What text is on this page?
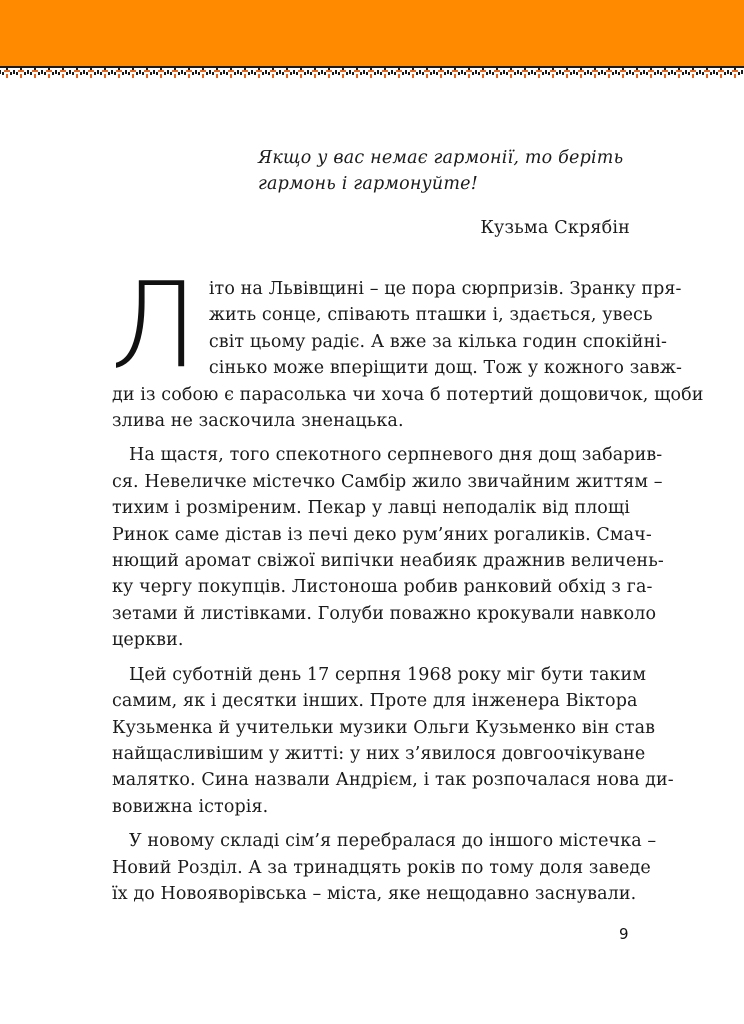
Якщо у вас немає гармонії, то беріть

гармонь і гармонуйте!

Кузьма Скрябін

Л іто на Львівщині – це пора сюрпризів. Зранку пря-
жить сонце, співають пташки і, здається, увесь
світ цьому радіє. А вже за кілька годин спокійні-
сінько може вперіщити дощ. Тож у кожного завж-
ди із собою є парасолька чи хоча б потертий дощовичок, щоби
злива не заскочила зненацька.

На щастя, того спекотного серпневого дня дощ забарив-
ся. Невеличке містечко Самбір жило звичайним життям –
тихим і розміреним. Пекар у лавці неподалік від площі
Ринок саме дістав із печі деко рум’яних рогаликів. Смач-
нющий аромат свіжої випічки неабияк дражнив величень-
ку чергу покупців. Листоноша робив ранковий обхід з га-
зетами й листівками. Голуби поважно крокували навколо
церкви.

Цей суботній день 17 серпня 1968 року міг бути таким
самим, як і десятки інших. Проте для інженера Віктора
Кузьменка й учительки музики Ольги Кузьменко він став
найщасливішим у житті: у них з’явилося довгоочікуване
малятко. Сина назвали Андрієм, і так розпочалася нова ди-
вовижна історія.

У новому складі сім’я перебралася до іншого містечка –
Новий Розділ. А за тринадцять років по тому доля заведе
їх до Новояворівська – міста, яке нещодавно заснували.

9
